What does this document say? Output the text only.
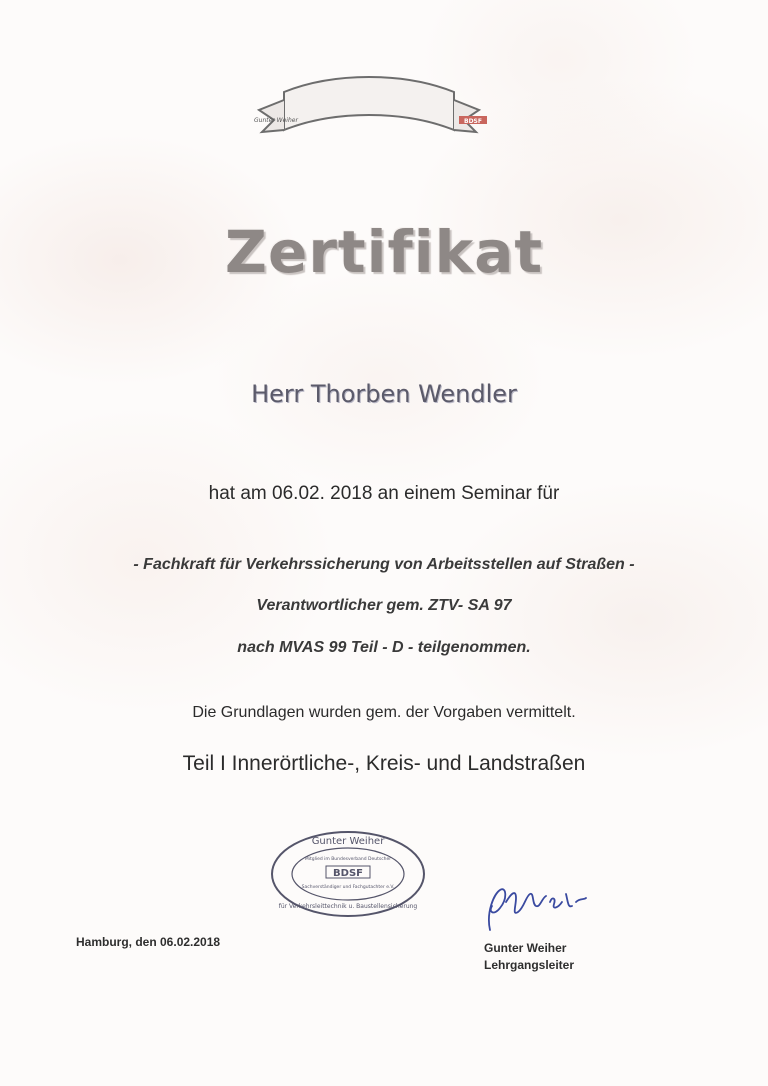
Gunter Weiher	BDSF
Zertifikat
Herr Thorben Wendler
hat am 06.02. 2018 an einem Seminar für
- Fachkraft für Verkehrssicherung von Arbeitsstellen auf Straßen -
Verantwortlicher gem. ZTV- SA 97
nach MVAS 99 Teil - D - teilgenommen.
Die Grundlagen wurden gem. der Vorgaben vermittelt.
Teil I Innerörtliche-, Kreis- und Landstraßen
Gunter Weiher
Mitglied im Bundesverband Deutscher
BDSF
Sachverständiger und Fachgutachter e.V.
für Verkehrsleittechnik u. Baustellensicherung
Hamburg, den 06.02.2018	Gunter Weiher
Lehrgangsleiter
